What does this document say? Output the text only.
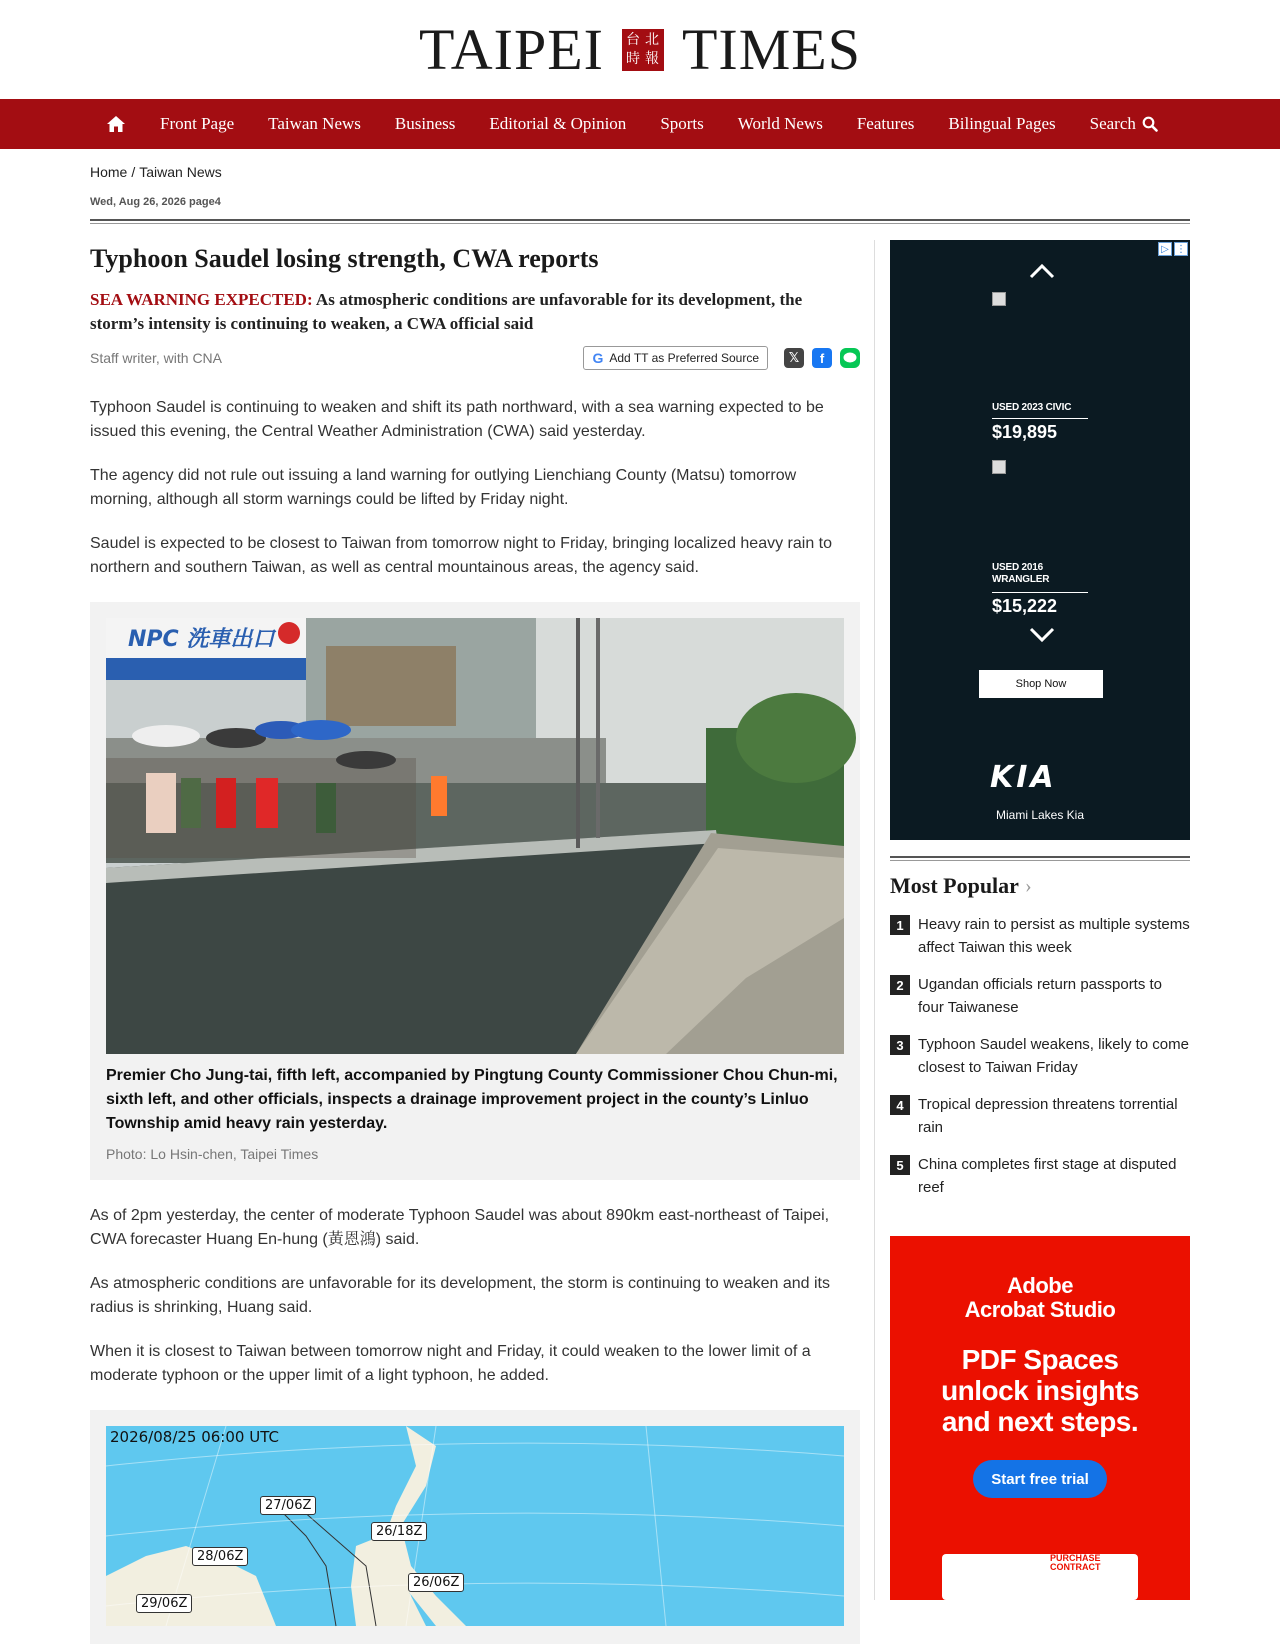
TAIPEI 台 北
時 報 TIMES
Front Page Taiwan News Business Editorial & Opinion Sports World News Features Bilingual Pages Search
Home / Taiwan News
Wed, Aug 26, 2026 page4
Typhoon Saudel losing strength, CWA reports

SEA WARNING EXPECTED: As atmospheric conditions are unfavorable for its development, the storm’s intensity is continuing to weaken, a CWA official said

Staff writer, with CNA	G Add TT as Preferred Source	𝕏	f

Typhoon Saudel is continuing to weaken and shift its path northward, with a sea warning expected to be issued this evening, the Central Weather Administration (CWA) said yesterday.

The agency did not rule out issuing a land warning for outlying Lienchiang County (Matsu) tomorrow morning, although all storm warnings could be lifted by Friday night.

Saudel is expected to be closest to Taiwan from tomorrow night to Friday, bringing localized heavy rain to northern and southern Taiwan, as well as central mountainous areas, the agency said.

NPC 洗車出口
Premier Cho Jung-tai, fifth left, accompanied by Pingtung County Commissioner Chou Chun-mi, sixth left, and other officials, inspects a drainage improvement project in the county’s Linluo Township amid heavy rain yesterday.
Photo: Lo Hsin-chen, Taipei Times

As of 2pm yesterday, the center of moderate Typhoon Saudel was about 890km east-northeast of Taipei, CWA forecaster Huang En-hung (黃恩鴻) said.

As atmospheric conditions are unfavorable for its development, the storm is continuing to weaken and its radius is shrinking, Huang said.

When it is closest to Taiwan between tomorrow night and Friday, it could weaken to the lower limit of a moderate typhoon or the upper limit of a light typhoon, he added.

2026/08/25 06:00 UTC
27/06Z
26/18Z
28/06Z
26/06Z
29/06Z
▷ ⋮
USED 2023 CIVIC
$19,895
USED 2016 WRANGLER
$15,222
Shop Now
KIA
Miami Lakes Kia
Most Popular ›
1 Heavy rain to persist as multiple systems affect Taiwan this week
2 Ugandan officials return passports to four Taiwanese
3 Typhoon Saudel weakens, likely to come closest to Taiwan Friday
4 Tropical depression threatens torrential rain
5 China completes first stage at disputed reef
Adobe
Acrobat Studio
PDF Spaces
unlock insights
and next steps.
Start free trial
PURCHASE CONTRACT
